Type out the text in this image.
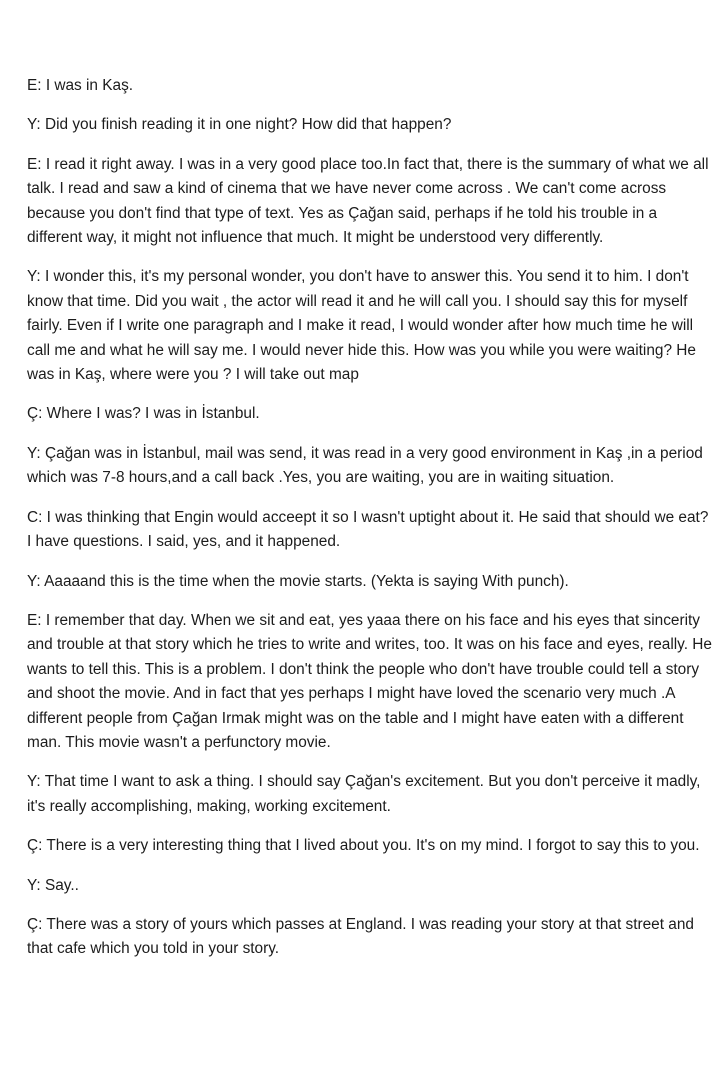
E: I was in Kaş.

Y: Did you finish reading it in one night? How did that happen?

E: I read it right away. I was in a very good place too.In fact that, there is the summary of what we all talk. I read and saw a kind of cinema that we have never come across . We can't come across because you don't find that type of text. Yes as Çağan said, perhaps if he told his trouble in a different way, it might not influence that much. It might be understood very differently.

Y: I wonder this, it's my personal wonder, you don't have to answer this. You send it to him. I don't know that time. Did you wait , the actor will read it and he will call you. I should say this for myself fairly. Even if I write one paragraph and I make it read, I would wonder after how much time he will call me and what he will say me. I would never hide this. How was you while you were waiting? He was in Kaş, where were you ? I will take out map

Ç: Where I was? I was in İstanbul.

Y: Çağan was in İstanbul, mail was send, it was read in a very good environment in Kaş ,in a period which was 7-8 hours,and a call back .Yes, you are waiting, you are in waiting situation.

C: I was thinking that Engin would acceept it so I wasn't uptight about it. He said that should we eat? I have questions. I said, yes, and it happened.

Y: Aaaaand this is the time when the movie starts. (Yekta is saying With punch).

E: I remember that day. When we sit and eat, yes yaaa there on his face and his eyes that sincerity and trouble at that story which he tries to write and writes, too. It was on his face and eyes, really. He wants to tell this. This is a problem. I don't think the people who don't have trouble could tell a story and shoot the movie. And in fact that yes perhaps I might have loved the scenario very much .A different people from Çağan Irmak might was on the table and I might have eaten with a different man. This movie wasn't a perfunctory movie.

Y: That time I want to ask a thing. I should say Çağan's excitement. But you don't perceive it madly, it's really accomplishing, making, working excitement.

Ç: There is a very interesting thing that I lived about you. It's on my mind. I forgot to say this to you.

Y: Say..

Ç: There was a story of yours which passes at England. I was reading your story at that street and that cafe which you told in your story.
